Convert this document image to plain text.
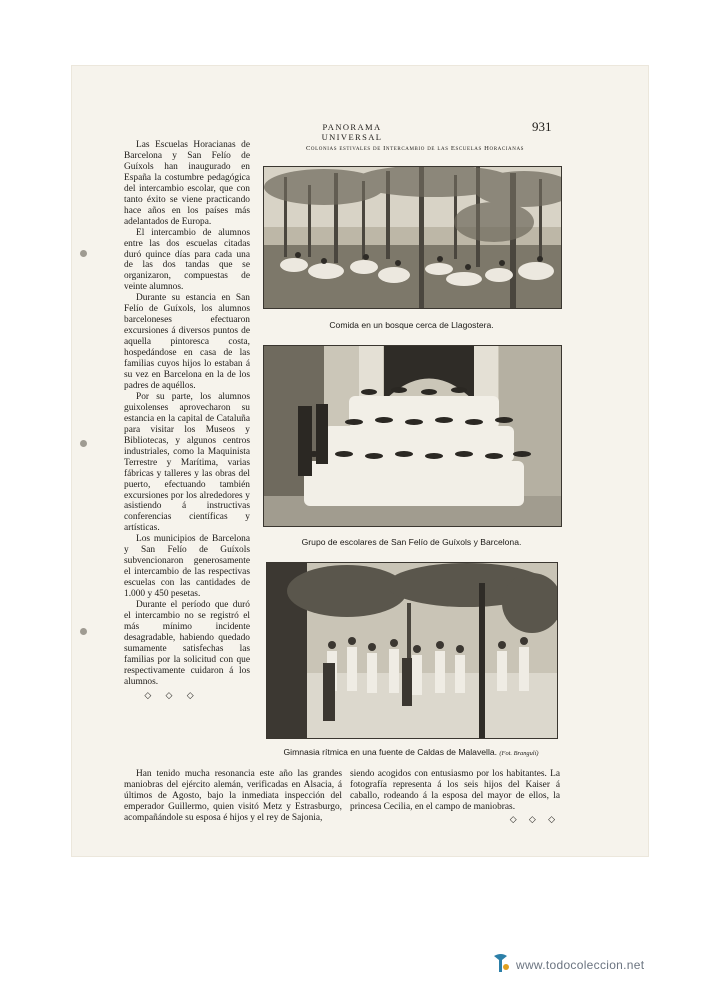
PANORAMA UNIVERSAL
931
Colonias estivales de Intercambio de las Escuelas Horacianas

Las Escuelas Horacianas de Barcelona y San Felío de Guíxols han inaugurado en España la costumbre pedagógica del intercambio escolar, que con tanto éxito se viene practicando hace años en los países más adelantados de Europa.

El intercambio de alumnos entre las dos escuelas citadas duró quince días para cada una de las dos tandas que se organizaron, compuestas de veinte alumnos.

Durante su estancia en San Felío de Guíxols, los alumnos barceloneses efectuaron excursiones á diversos puntos de aquella pintoresca costa, hospedándose en casa de las familias cuyos hijos lo estaban á su vez en Barcelona en la de los padres de aquéllos.

Por su parte, los alumnos guixolenses aprovecharon su estancia en la capital de Cataluña para visitar los Museos y Bibliotecas, y algunos centros industriales, como la Maquinista Terrestre y Marítima, varias fábricas y talleres y las obras del puerto, efectuando también excursiones por los alrededores y asistiendo á instructivas conferencias científicas y artísticas.

Los municipios de Barcelona y San Felío de Guíxols subvencionaron generosamente el intercambio de las respectivas escuelas con las cantidades de 1.000 y 450 pesetas.

Durante el período que duró el intercambio no se registró el más mínimo incidente desagradable, habiendo quedado sumamente satisfechas las familias por la solicitud con que respectivamente cuidaron á los alumnos.

◇ ◇ ◇
Comida en un bosque cerca de Llagostera.
Grupo de escolares de San Felío de Guíxols y Barcelona.
Gimnasia rítmica en una fuente de Caldas de Malavella. (Fot. Brangulí)

Han tenido mucha resonancia este año las grandes maniobras del ejército alemán, verificadas en Alsacia, á últimos de Agosto, bajo la inmediata inspección del emperador Guillermo, quien visitó Metz y Estrasburgo, acompañándole su esposa é hijos y el rey de Sajonia,

siendo acogidos con entusiasmo por los habitantes. La fotografía representa á los seis hijos del Kaiser á caballo, rodeando á la esposa del mayor de ellos, la princesa Cecilia, en el campo de maniobras.

◇ ◇ ◇
www.todocoleccion.net
